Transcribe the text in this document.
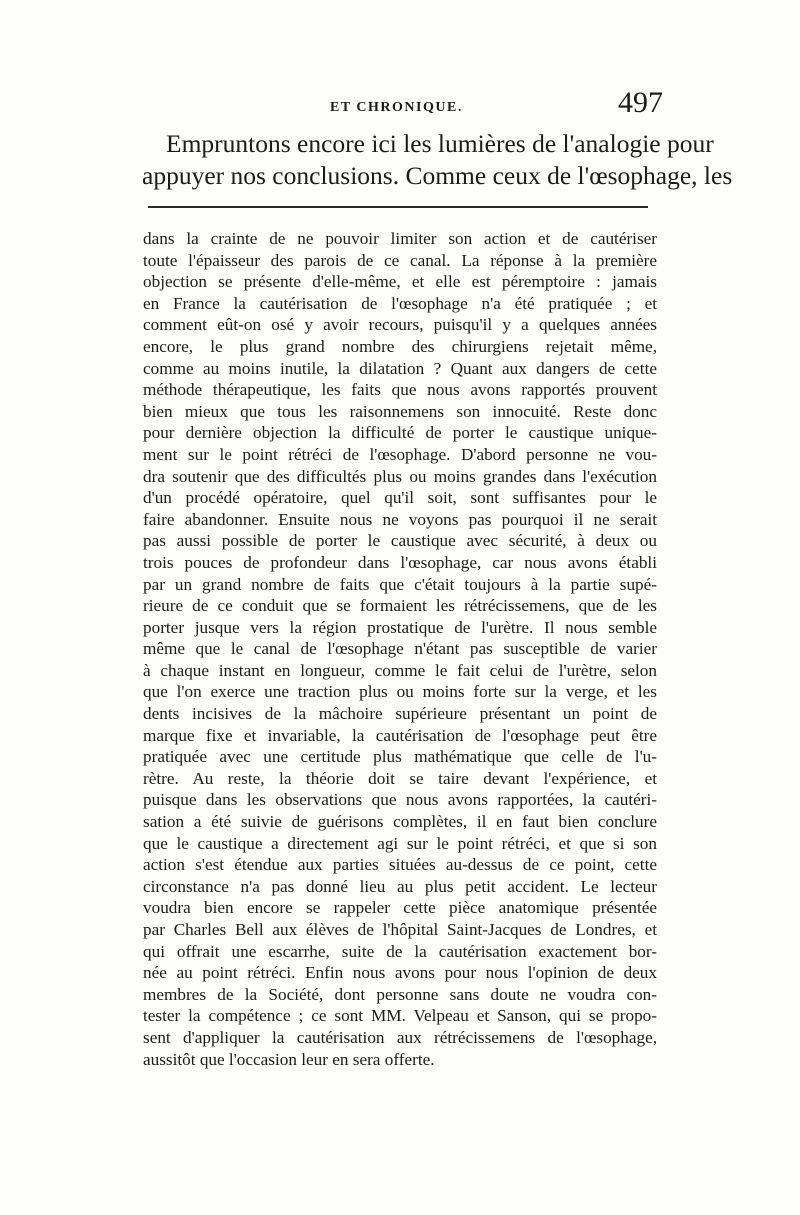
ET CHRONIQUE.	497
Empruntons encore ici les lumières de l'analogie pour
appuyer nos conclusions. Comme ceux de l'œsophage, les
dans la crainte de ne pouvoir limiter son action et de cautériser
toute l'épaisseur des parois de ce canal. La réponse à la première
objection se présente d'elle-même, et elle est péremptoire : jamais
en France la cautérisation de l'œsophage n'a été pratiquée ; et
comment eût-on osé y avoir recours, puisqu'il y a quelques années
encore, le plus grand nombre des chirurgiens rejetait même,
comme au moins inutile, la dilatation ? Quant aux dangers de cette
méthode thérapeutique, les faits que nous avons rapportés prouvent
bien mieux que tous les raisonnemens son innocuité. Reste donc
pour dernière objection la difficulté de porter le caustique unique-
ment sur le point rétréci de l'œsophage. D'abord personne ne vou-
dra soutenir que des difficultés plus ou moins grandes dans l'exécution
d'un procédé opératoire, quel qu'il soit, sont suffisantes pour le
faire abandonner. Ensuite nous ne voyons pas pourquoi il ne serait
pas aussi possible de porter le caustique avec sécurité, à deux ou
trois pouces de profondeur dans l'œsophage, car nous avons établi
par un grand nombre de faits que c'était toujours à la partie supé-
rieure de ce conduit que se formaient les rétrécissemens, que de les
porter jusque vers la région prostatique de l'urètre. Il nous semble
même que le canal de l'œsophage n'étant pas susceptible de varier
à chaque instant en longueur, comme le fait celui de l'urètre, selon
que l'on exerce une traction plus ou moins forte sur la verge, et les
dents incisives de la mâchoire supérieure présentant un point de
marque fixe et invariable, la cautérisation de l'œsophage peut être
pratiquée avec une certitude plus mathématique que celle de l'u-
rètre. Au reste, la théorie doit se taire devant l'expérience, et
puisque dans les observations que nous avons rapportées, la cautéri-
sation a été suivie de guérisons complètes, il en faut bien conclure
que le caustique a directement agi sur le point rétréci, et que si son
action s'est étendue aux parties situées au-dessus de ce point, cette
circonstance n'a pas donné lieu au plus petit accident. Le lecteur
voudra bien encore se rappeler cette pièce anatomique présentée
par Charles Bell aux élèves de l'hôpital Saint-Jacques de Londres, et
qui offrait une escarrhe, suite de la cautérisation exactement bor-
née au point rétréci. Enfin nous avons pour nous l'opinion de deux
membres de la Société, dont personne sans doute ne voudra con-
tester la compétence ; ce sont MM. Velpeau et Sanson, qui se propo-
sent d'appliquer la cautérisation aux rétrécissemens de l'œsophage,
aussitôt que l'occasion leur en sera offerte.
